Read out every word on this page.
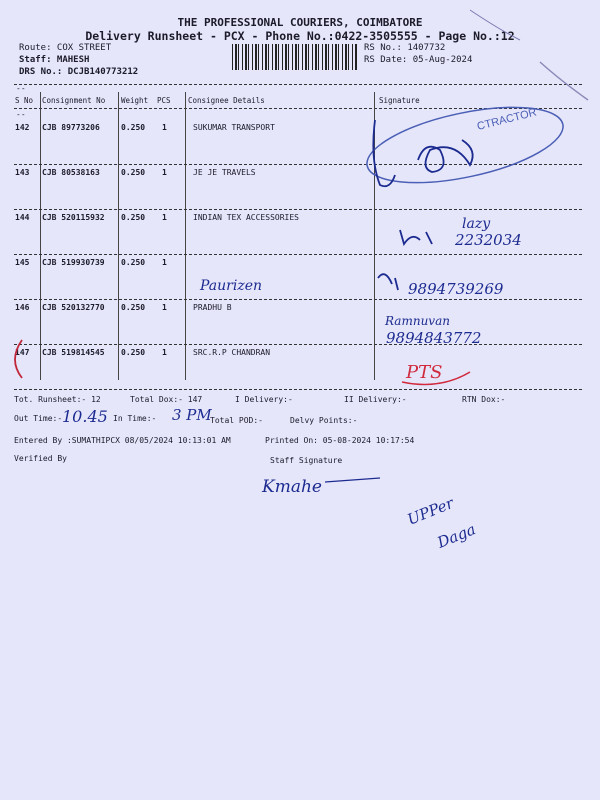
THE PROFESSIONAL COURIERS, COIMBATORE
Delivery Runsheet - PCX - Phone No.:0422-3505555 - Page No.:12
Route: COX STREET
Staff: MAHESH
DRS No.: DCJB140773212
RS No.: 1407732
RS Date: 05-Aug-2024
--
S No Consignment No Weight PCS Consignee Details	Signature
--
142 CJB 89773206	0.250 1	SUKUMAR TRANSPORT
143 CJB 80538163	0.250 1	JE JE TRAVELS
144 CJB 520115932 0.250 1	INDIAN TEX ACCESSORIES
145 CJB 519930739 0.250 1
146 CJB 520132770 0.250 1	PRADHU B
147 CJB 519814545 0.250 1	SRC.R.P CHANDRAN
Tot. Runsheet:- 12	Total Dox:- 147	I Delivery:-	II Delivery:-	RTN Dox:-
Out Time:-	In Time:-	Total POD:-	Delvy Points:-
Entered By :SUMATHIPCX 08/05/2024 10:13:01 AM	Printed On: 05-08-2024 10:17:54
Verified By	Staff Signature
CTRACTOR
lazy
2232034
Paurizen	9894739269
Ramnuvan
9894843772
PTS
10.45	3 PM
Kmahe
UPPer
Daga
